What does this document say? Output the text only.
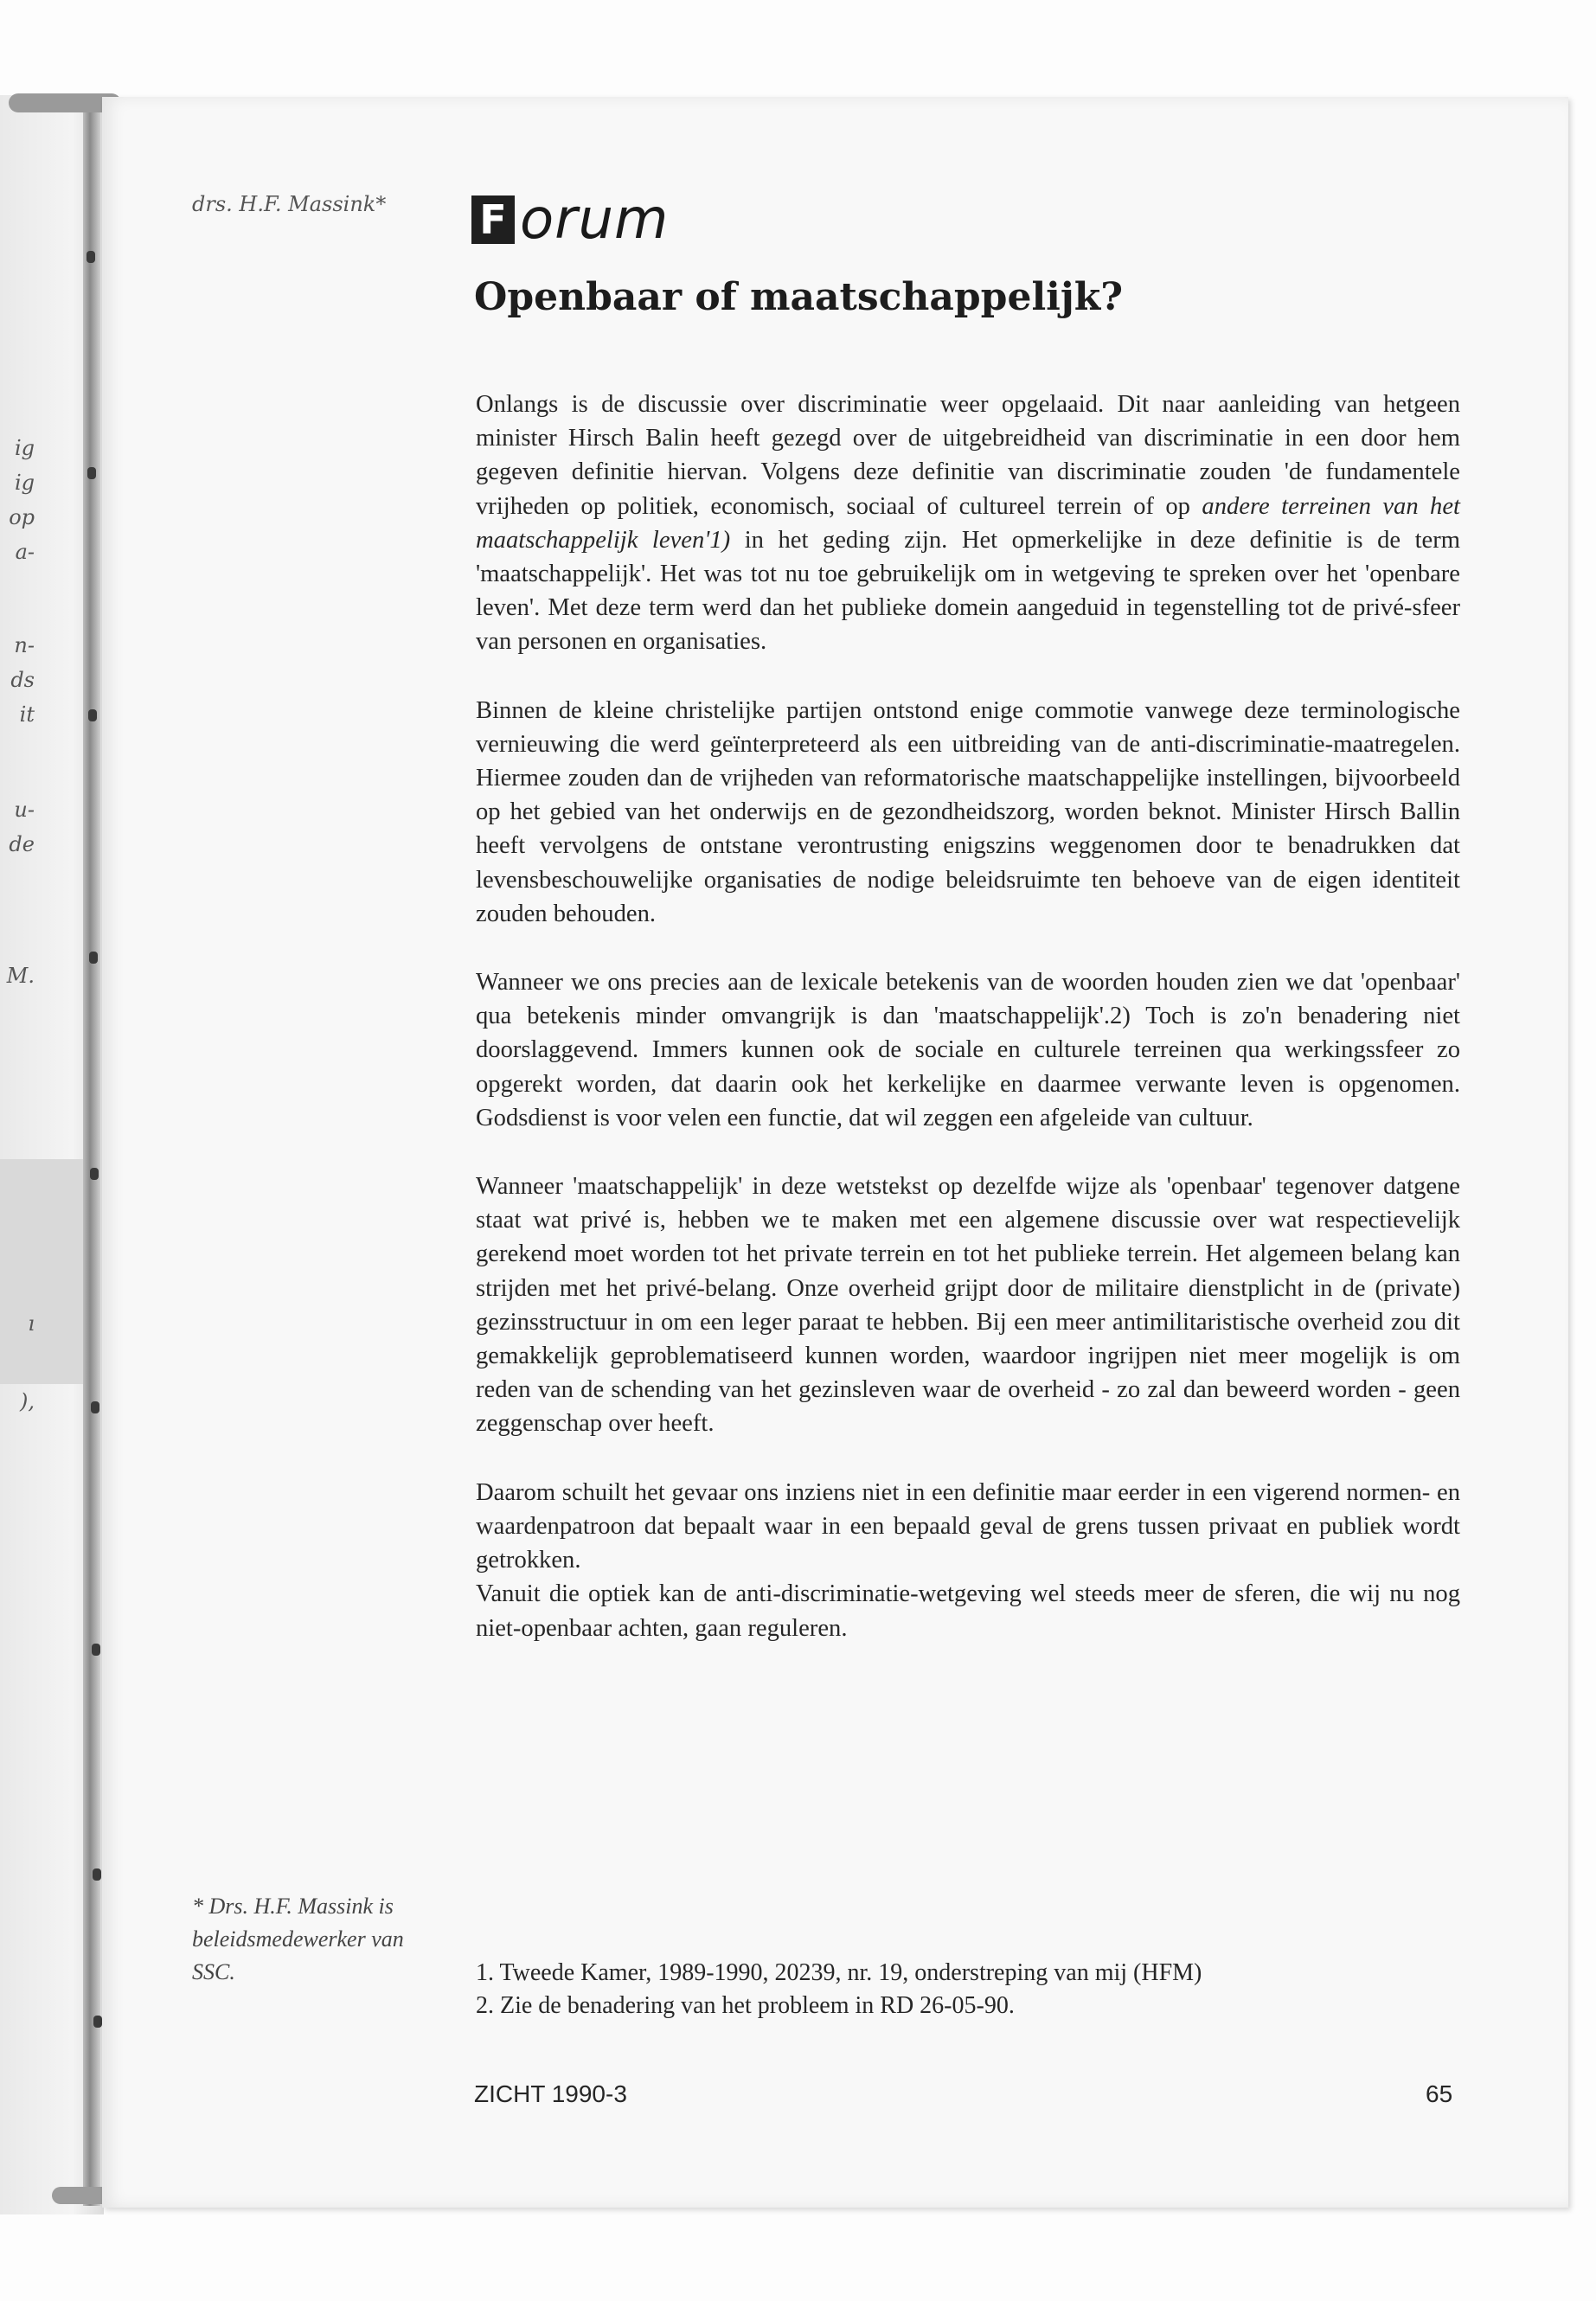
ig
ig
op
a-
n-
ds
it
u-
de
M.
ı
),
drs. H.F. Massink* F orum
Openbaar of maatschappelijk?

Onlangs is de discussie over discriminatie weer opgelaaid. Dit naar aanleiding van hetgeen minister Hirsch Balin heeft gezegd over de uitgebreidheid van discriminatie in een door hem gegeven definitie hiervan. Volgens deze definitie van discriminatie zouden 'de fundamentele vrijheden op politiek, economisch, sociaal of cultureel terrein of op andere terreinen van het maatschappelijk leven'1) in het geding zijn. Het opmerkelijke in deze definitie is de term 'maatschappelijk'. Het was tot nu toe gebruikelijk om in wetgeving te spreken over het 'openbare leven'. Met deze term werd dan het publieke domein aangeduid in tegenstelling tot de privé-sfeer van personen en organisaties.

Binnen de kleine christelijke partijen ontstond enige commotie vanwege deze terminologische vernieuwing die werd geïnterpreteerd als een uitbreiding van de anti-discriminatie-maatregelen. Hiermee zouden dan de vrijheden van reformatorische maatschappelijke instellingen, bijvoorbeeld op het gebied van het onderwijs en de gezondheidszorg, worden beknot. Minister Hirsch Ballin heeft vervolgens de ontstane verontrusting enigszins weggenomen door te benadrukken dat levensbeschouwelijke organisaties de nodige beleidsruimte ten behoeve van de eigen identiteit zouden behouden.

Wanneer we ons precies aan de lexicale betekenis van de woorden houden zien we dat 'openbaar' qua betekenis minder omvangrijk is dan 'maatschappelijk'.2) Toch is zo'n benadering niet doorslaggevend. Immers kunnen ook de sociale en culturele terreinen qua werkingssfeer zo opgerekt worden, dat daarin ook het kerkelijke en daarmee verwante leven is opgenomen. Godsdienst is voor velen een functie, dat wil zeggen een afgeleide van cultuur.

Wanneer 'maatschappelijk' in deze wetstekst op dezelfde wijze als 'openbaar' tegenover datgene staat wat privé is, hebben we te maken met een algemene discussie over wat respectievelijk gerekend moet worden tot het private terrein en tot het publieke terrein. Het algemeen belang kan strijden met het privé-belang. Onze overheid grijpt door de militaire dienstplicht in de (private) gezinsstructuur in om een leger paraat te hebben. Bij een meer antimilitaristische overheid zou dit gemakkelijk geproblematiseerd kunnen worden, waardoor ingrijpen niet meer mogelijk is om reden van de schending van het gezinsleven waar de overheid - zo zal dan beweerd worden - geen zeggenschap over heeft.

Daarom schuilt het gevaar ons inziens niet in een definitie maar eerder in een vigerend normen- en waardenpatroon dat bepaalt waar in een bepaald geval de grens tussen privaat en publiek wordt getrokken.

Vanuit die optiek kan de anti-discriminatie-wetgeving wel steeds meer de sferen, die wij nu nog niet-openbaar achten, gaan reguleren.

* Drs. H.F. Massink is beleidsmedewerker van SSC.	1. Tweede Kamer, 1989-1990, 20239, nr. 19, onderstreping van mij (HFM)
2. Zie de benadering van het probleem in RD 26-05-90.
ZICHT 1990-3	65
